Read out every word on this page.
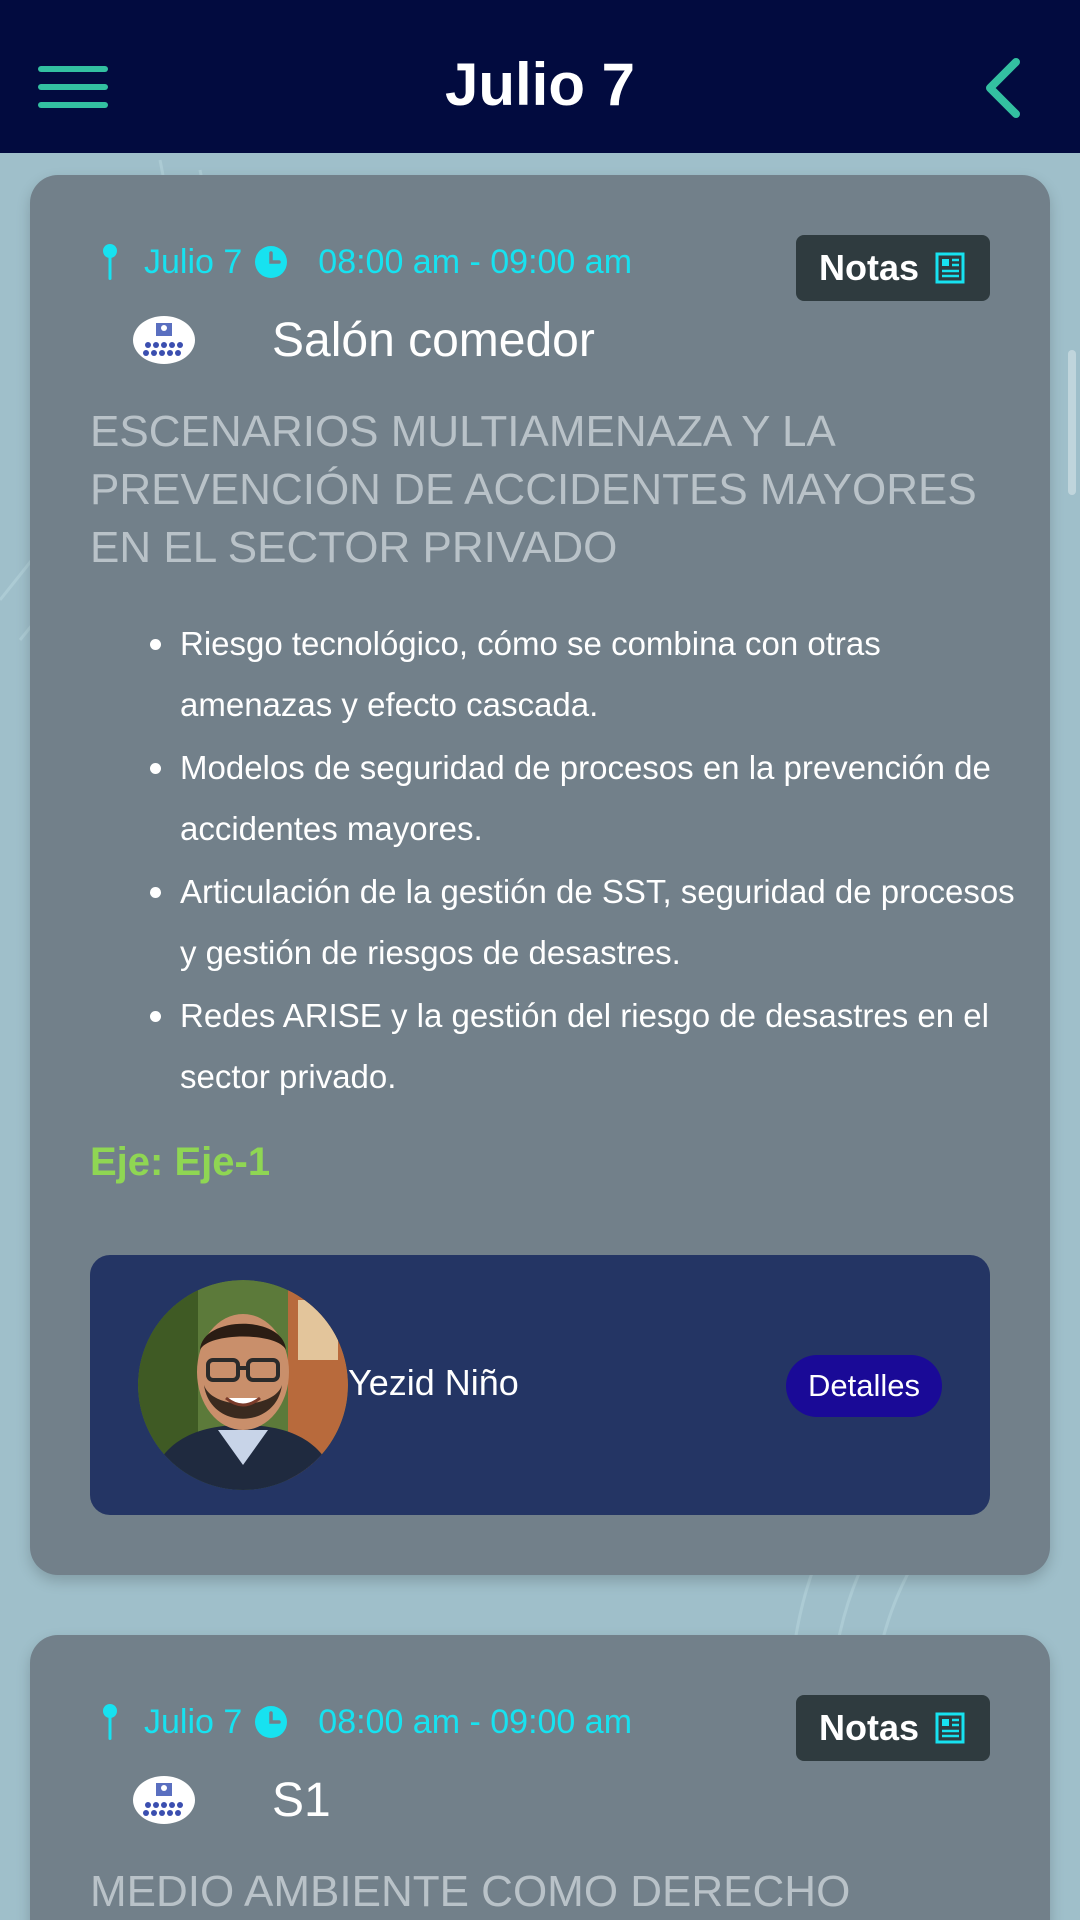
Julio 7
Julio 7 08:00 am - 09:00 am	Notas
Salón comedor
ESCENARIOS MULTIAMENAZA Y LA PREVENCIÓN DE ACCIDENTES MAYORES EN EL SECTOR PRIVADO
Riesgo tecnológico, cómo se combina con otras amenazas y efecto cascada.
Modelos de seguridad de procesos en la prevención de accidentes mayores.
Articulación de la gestión de SST, seguridad de procesos y gestión de riesgos de desastres.
Redes ARISE y la gestión del riesgo de desastres en el sector privado.
Eje: Eje-1
Yezid Niño	Detalles
Julio 7 08:00 am - 09:00 am	Notas
S1
MEDIO AMBIENTE COMO DERECHO
